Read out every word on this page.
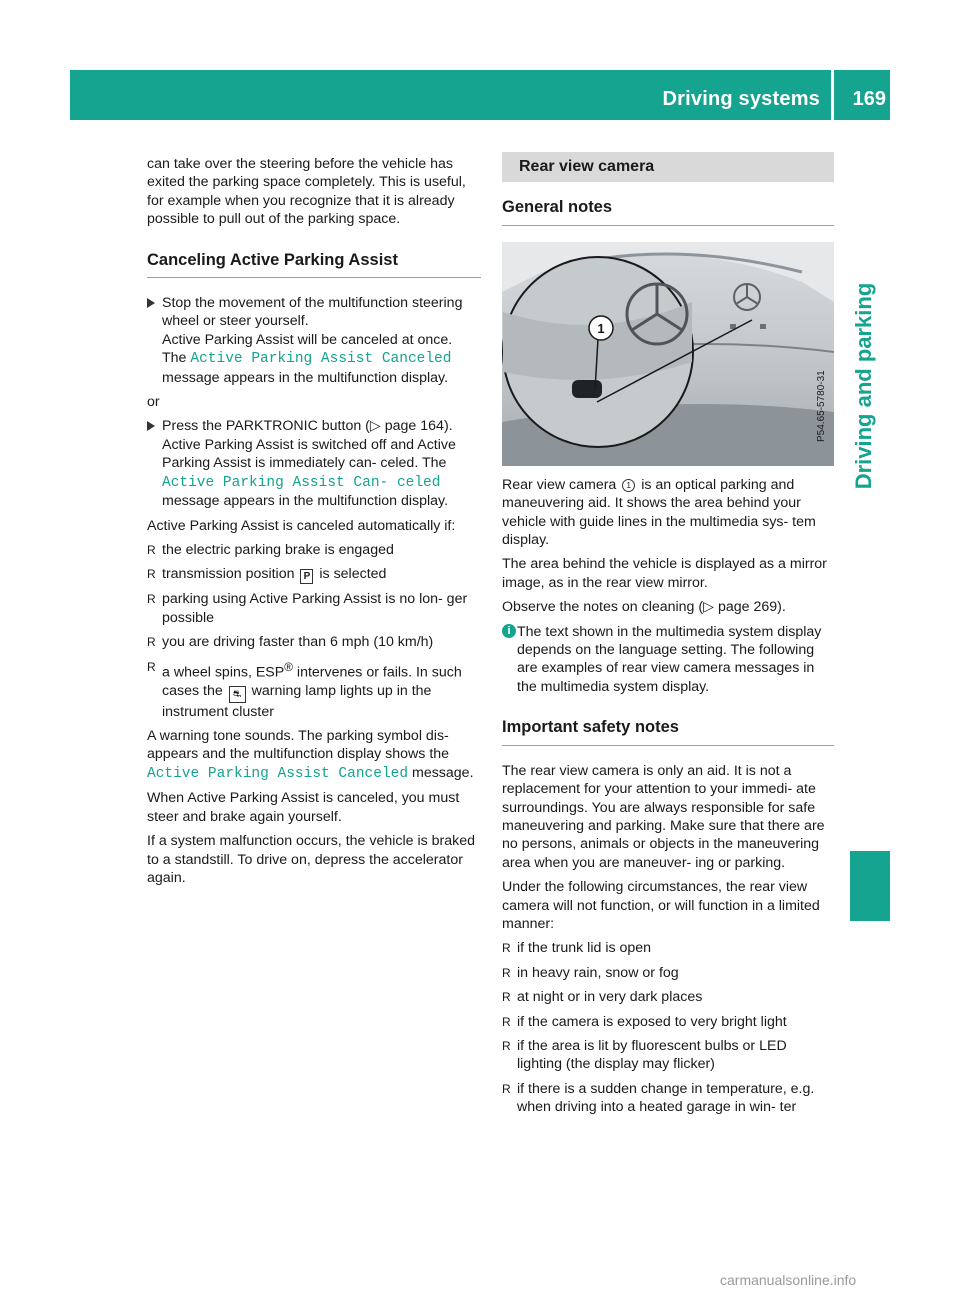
Driving systems 169
Driving and parking

can take over the steering before the vehicle has exited the parking space completely. This is useful, for example when you recognize that it is already possible to pull out of the parking space.

Canceling Active Parking Assist
Stop the movement of the multifunction steering wheel or steer yourself.
Active Parking Assist will be canceled at once.
The Active Parking Assist Canceled message appears in the multifunction display.

or

Press the PARKTRONIC button (▷ page 164). Active Parking Assist is switched off and Active Parking Assist is immediately can- celed. The Active Parking Assist Can‐ celed message appears in the multifunction display.

Active Parking Assist is canceled automatically if:

R the electric parking brake is engaged
R transmission position P is selected
R parking using Active Parking Assist is no lon- ger possible
R you are driving faster than 6 mph (10 km/h)
R a wheel spins, ESP® intervenes or fails. In such cases the ⛐ warning lamp lights up in the instrument cluster

A warning tone sounds. The parking symbol dis- appears and the multifunction display shows the Active Parking Assist Canceled message.

When Active Parking Assist is canceled, you must steer and brake again yourself.

If a system malfunction occurs, the vehicle is braked to a standstill. To drive on, depress the accelerator again.

Rear view camera
General notes
1
P54.65-5780-31

Rear view camera 1 is an optical parking and maneuvering aid. It shows the area behind your vehicle with guide lines in the multimedia sys- tem display.

The area behind the vehicle is displayed as a mirror image, as in the rear view mirror.

Observe the notes on cleaning (▷ page 269).

i The text shown in the multimedia system display depends on the language setting. The following are examples of rear view camera messages in the multimedia system display.
Important safety notes

The rear view camera is only an aid. It is not a replacement for your attention to your immedi- ate surroundings. You are always responsible for safe maneuvering and parking. Make sure that there are no persons, animals or objects in the maneuvering area when you are maneuver- ing or parking.

Under the following circumstances, the rear view camera will not function, or will function in a limited manner:

R if the trunk lid is open
R in heavy rain, snow or fog
R at night or in very dark places
R if the camera is exposed to very bright light
R if the area is lit by fluorescent bulbs or LED lighting (the display may flicker)
R if there is a sudden change in temperature, e.g. when driving into a heated garage in win- ter
carmanualsonline.info
